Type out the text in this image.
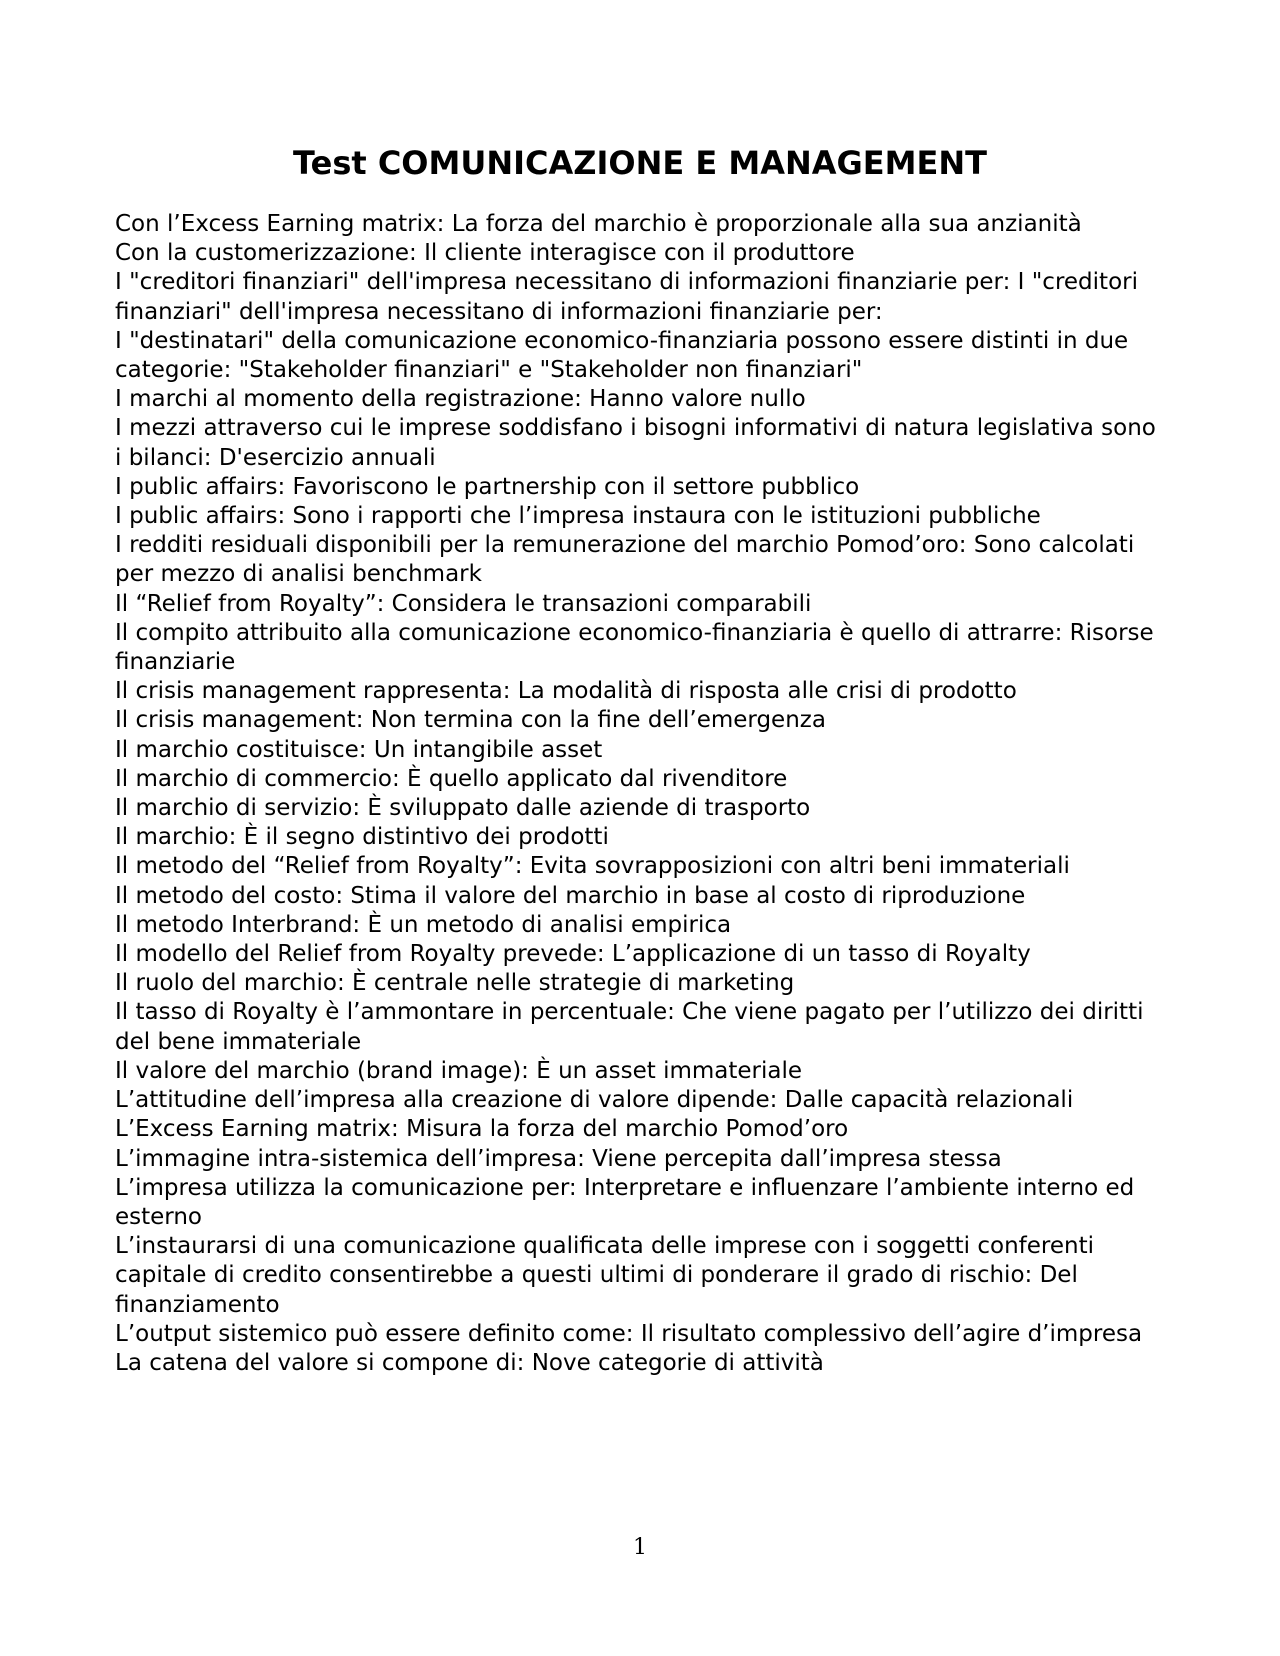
Test COMUNICAZIONE E MANAGEMENT
Con l’Excess Earning matrix: La forza del marchio è proporzionale alla sua anzianità
Con la customerizzazione: Il cliente interagisce con il produttore
I "creditori finanziari" dell'impresa necessitano di informazioni finanziarie per: I "creditori finanziari" dell'impresa necessitano di informazioni finanziarie per:
I "destinatari" della comunicazione economico-finanziaria possono essere distinti in due categorie: "Stakeholder finanziari" e "Stakeholder non finanziari"
I marchi al momento della registrazione: Hanno valore nullo
I mezzi attraverso cui le imprese soddisfano i bisogni informativi di natura legislativa sono i bilanci: D'esercizio annuali
I public affairs: Favoriscono le partnership con il settore pubblico
I public affairs: Sono i rapporti che l’impresa instaura con le istituzioni pubbliche
I redditi residuali disponibili per la remunerazione del marchio Pomod’oro: Sono calcolati per mezzo di analisi benchmark
Il “Relief from Royalty”: Considera le transazioni comparabili
Il compito attribuito alla comunicazione economico-finanziaria è quello di attrarre: Risorse finanziarie
Il crisis management rappresenta: La modalità di risposta alle crisi di prodotto
Il crisis management: Non termina con la fine dell’emergenza
Il marchio costituisce: Un intangibile asset
Il marchio di commercio: È quello applicato dal rivenditore
Il marchio di servizio: È sviluppato dalle aziende di trasporto
Il marchio: È il segno distintivo dei prodotti
Il metodo del “Relief from Royalty”: Evita sovrapposizioni con altri beni immateriali
Il metodo del costo: Stima il valore del marchio in base al costo di riproduzione
Il metodo Interbrand: È un metodo di analisi empirica
Il modello del Relief from Royalty prevede: L’applicazione di un tasso di Royalty
Il ruolo del marchio: È centrale nelle strategie di marketing
Il tasso di Royalty è l’ammontare in percentuale: Che viene pagato per l’utilizzo dei diritti del bene immateriale
Il valore del marchio (brand image): È un asset immateriale
L’attitudine dell’impresa alla creazione di valore dipende: Dalle capacità relazionali
L’Excess Earning matrix: Misura la forza del marchio Pomod’oro
L’immagine intra-sistemica dell’impresa: Viene percepita dall’impresa stessa
L’impresa utilizza la comunicazione per: Interpretare e influenzare l’ambiente interno ed esterno
L’instaurarsi di una comunicazione qualificata delle imprese con i soggetti conferenti capitale di credito consentirebbe a questi ultimi di ponderare il grado di rischio: Del finanziamento
L’output sistemico può essere definito come: Il risultato complessivo dell’agire d’impresa
La catena del valore si compone di: Nove categorie di attività
1
